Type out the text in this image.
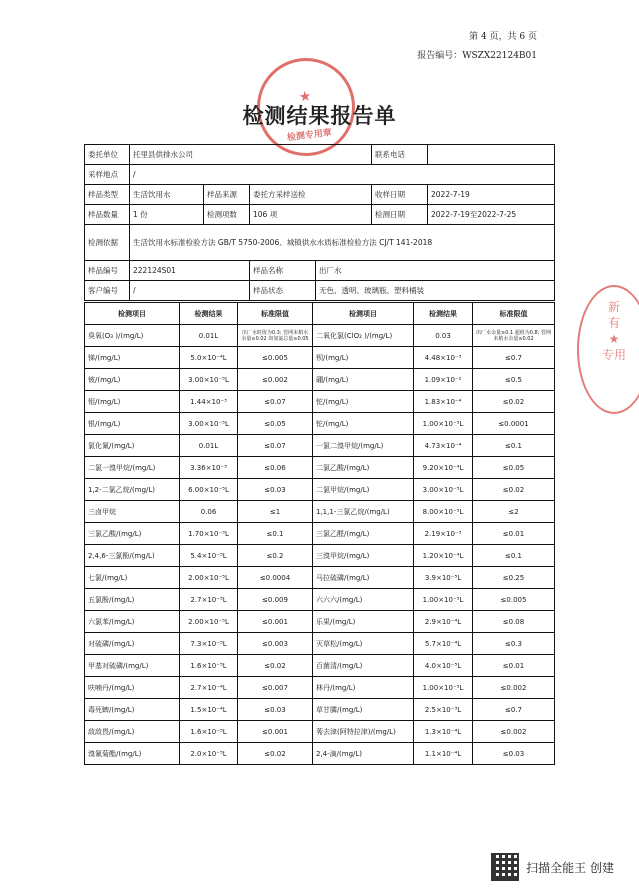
第 4 页，共 6 页
报告编号：WSZX22124B01
★
检测专用章
检测结果报告单
新
有
★
专用
委托单位	托里县供排水公司				联系电话	
采样地点	/					
样品类型	生活饮用水	样品来源	委托方采样送检		收样日期	2022-7-19
样品数量	1 份	检测项数	106 项		检测日期	2022-7-19至2022-7-25
检测依据	生活饮用水标准检验方法 GB/T 5750-2006、城镇供水水质标准检验方法 CJ/T 141-2018					
样品编号	222124S01		样品名称	出厂水		
客户编号	/		样品状态	无色、透明、玻璃瓶、塑料桶装		
检测项目	检测结果	标准限值	检测项目	检测结果	标准限值
臭氧(O₃ )/(mg/L)	0.01L	出厂水时值为0.3; 管网末梢水余量≥0.02 如加氯总量≥0.05	二氧化氯(ClO₂ )/(mg/L)	0.03	出厂水余量≥0.1 超值为0.8; 管网末梢水余量≥0.02
锑/(mg/L)	5.0×10⁻⁴L	≤0.005	钡/(mg/L)	4.48×10⁻³	≤0.7
铍/(mg/L)	3.00×10⁻⁵L	≤0.002	硼/(mg/L)	1.09×10⁻²	≤0.5
钼/(mg/L)	1.44×10⁻³	≤0.07	铊/(mg/L)	1.83×10⁻⁴	≤0.02
银/(mg/L)	3.00×10⁻⁵L	≤0.05	铊/(mg/L)	1.00×10⁻⁵L	≤0.0001
氯化氰/(mg/L)	0.01L	≤0.07	一氯二溴甲烷/(mg/L)	4.73×10⁻⁴	≤0.1
二氯一溴甲烷/(mg/L)	3.36×10⁻³	≤0.06	二氯乙酸/(mg/L)	9.20×10⁻⁴L	≤0.05
1,2-二氯乙烷/(mg/L)	6.00×10⁻⁵L	≤0.03	二氯甲烷/(mg/L)	3.00×10⁻⁵L	≤0.02
三卤甲烷	0.06	≤1	1,1,1-三氯乙烷/(mg/L)	8.00×10⁻⁵L	≤2
三氯乙酸/(mg/L)	1.70×10⁻³L	≤0.1	三氯乙醛/(mg/L)	2.19×10⁻³	≤0.01
2,4,6-三氯酚/(mg/L)	5.4×10⁻⁵L	≤0.2	三溴甲烷/(mg/L)	1.20×10⁻⁴L	≤0.1
七氯/(mg/L)	2.00×10⁻⁵L	≤0.0004	马拉硫磷/(mg/L)	3.9×10⁻⁵L	≤0.25
五氯酚/(mg/L)	2.7×10⁻⁵L	≤0.009	六六六/(mg/L)	1.00×10⁻⁵L	≤0.005
六氯苯/(mg/L)	2.00×10⁻⁵L	≤0.001	乐果/(mg/L)	2.9×10⁻⁴L	≤0.08
对硫磷/(mg/L)	7.3×10⁻⁵L	≤0.003	灭草松/(mg/L)	5.7×10⁻⁴L	≤0.3
甲基对硫磷/(mg/L)	1.6×10⁻⁵L	≤0.02	百菌清/(mg/L)	4.0×10⁻⁵L	≤0.01
呋喃丹/(mg/L)	2.7×10⁻⁴L	≤0.007	林丹/(mg/L)	1.00×10⁻⁵L	≤0.002
毒死蜱/(mg/L)	1.5×10⁻⁴L	≤0.03	草甘膦/(mg/L)	2.5×10⁻³L	≤0.7
敌敌畏/(mg/L)	1.6×10⁻⁵L	≤0.001	莠去津(阿特拉津)/(mg/L)	1.3×10⁻⁴L	≤0.002
溴氰菊酯/(mg/L)	2.0×10⁻⁵L	≤0.02	2,4-滴/(mg/L)	1.1×10⁻⁴L	≤0.03
扫描全能王 创建
